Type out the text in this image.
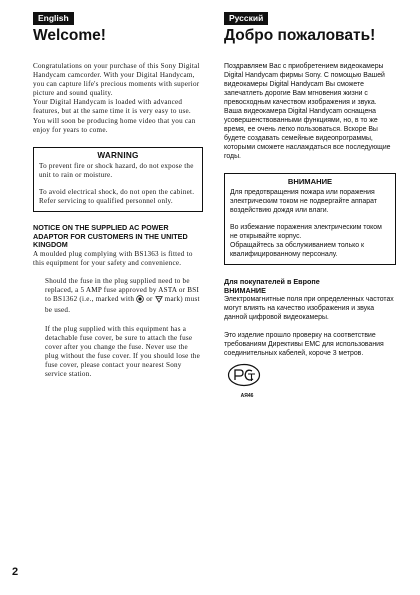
English
Welcome!

Congratulations on your purchase of this Sony Digital Handycam camcorder. With your Digital Handycam, you can capture life's precious moments with superior picture and sound quality.

Your Digital Handycam is loaded with advanced features, but at the same time it is very easy to use. You will soon be producing home video that you can enjoy for years to come.

WARNING

To prevent fire or shock hazard, do not expose the unit to rain or moisture.

To avoid electrical shock, do not open the cabinet.

Refer servicing to qualified personnel only.

NOTICE ON THE SUPPLIED AC POWER ADAPTOR FOR CUSTOMERS IN THE UNITED KINGDOM

A moulded plug complying with BS1363 is fitted to this equipment for your safety and convenience.

Should the fuse in the plug supplied need to be replaced, a 5 AMP fuse approved by ASTA or BSI to BS1362 (i.e., marked with  or  mark) must be used.

If the plug supplied with this equipment has a detachable fuse cover, be sure to attach the fuse cover after you change the fuse. Never use the plug without the fuse cover. If you should lose the fuse cover, please contact your nearest Sony service station.

Русский
Добро пожаловать!

Поздравляем Вас с приобретением видеокамеры Digital Handycam фирмы Sony. С помощью Вашей видеокамеры Digital Handycam Вы сможете запечатлеть дорогие Вам мгновения жизни с превосходным качеством изображения и звука.

Ваша видеокамера Digital Handycam оснащена усовершенствованными функциями, но, в то же время, ее очень легко пользоваться. Вскоре Вы будете создавать семейные видеопрограммы, которыми сможете наслаждаться все последующие годы.

ВНИМАНИЕ

Для предотвращения пожара или поражения электрическим током не подвергайте аппарат воздействию дождя или влаги.

Во избежание поражения электрическим током не открывайте корпус.

Обращайтесь за обслуживанием только к квалифицированному персоналу.

Для покупателей в Европе
ВНИМАНИЕ

Электромагнитные поля при определенных частотах могут влиять на качество изображения и звука данной цифровой видеокамеры.

Это изделие прошло проверку на соответствие требованиям Директивы EMC для использования соединительных кабелей, короче 3 метров.

АЯ46
2
